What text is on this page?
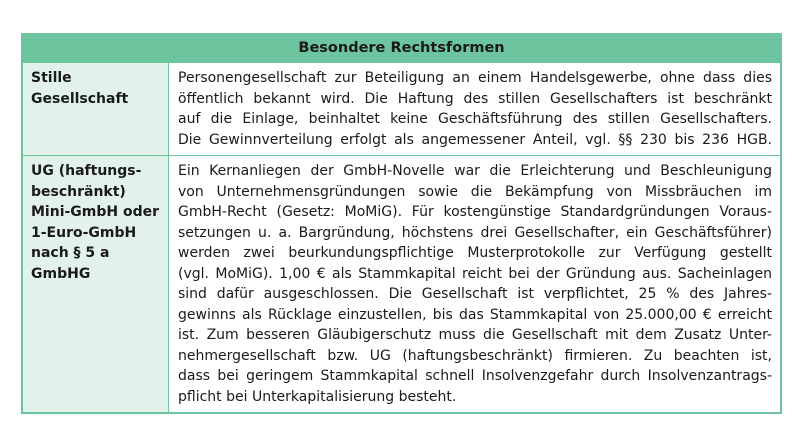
Besondere Rechtsformen
Stille
Gesellschaft
Personengesellschaft zur Beteiligung an einem Handelsgewerbe, ohne dass dies
öffentlich bekannt wird. Die Haftung des stillen Gesellschafters ist beschränkt
auf die Einlage, beinhaltet keine Geschäftsführung des stillen Gesellschafters.
Die Gewinnverteilung erfolgt als angemessener Anteil, vgl. §§ 230 bis 236 HGB.
UG (haftungs-
beschränkt)
Mini-GmbH oder
1-Euro-GmbH
nach § 5 a
GmbHG
Ein Kernanliegen der GmbH-Novelle war die Erleichterung und Beschleunigung
von Unternehmensgründungen sowie die Bekämpfung von Missbräuchen im
GmbH-Recht (Gesetz: MoMiG). Für kostengünstige Standardgründungen Voraus-
setzungen u. a. Bargründung, höchstens drei Gesellschafter, ein Geschäftsführer)
werden zwei beurkundungspflichtige Musterprotokolle zur Verfügung gestellt
(vgl. MoMiG). 1,00 € als Stammkapital reicht bei der Gründung aus. Sacheinlagen
sind dafür ausgeschlossen. Die Gesellschaft ist verpflichtet, 25 % des Jahres-
gewinns als Rücklage einzustellen, bis das Stammkapital von 25.000,00 € erreicht
ist. Zum besseren Gläubigerschutz muss die Gesellschaft mit dem Zusatz Unter-
nehmergesellschaft bzw. UG (haftungsbeschränkt) firmieren. Zu beachten ist,
dass bei geringem Stammkapital schnell Insolvenzgefahr durch Insolvenzantrags-
pflicht bei Unterkapitalisierung besteht.
